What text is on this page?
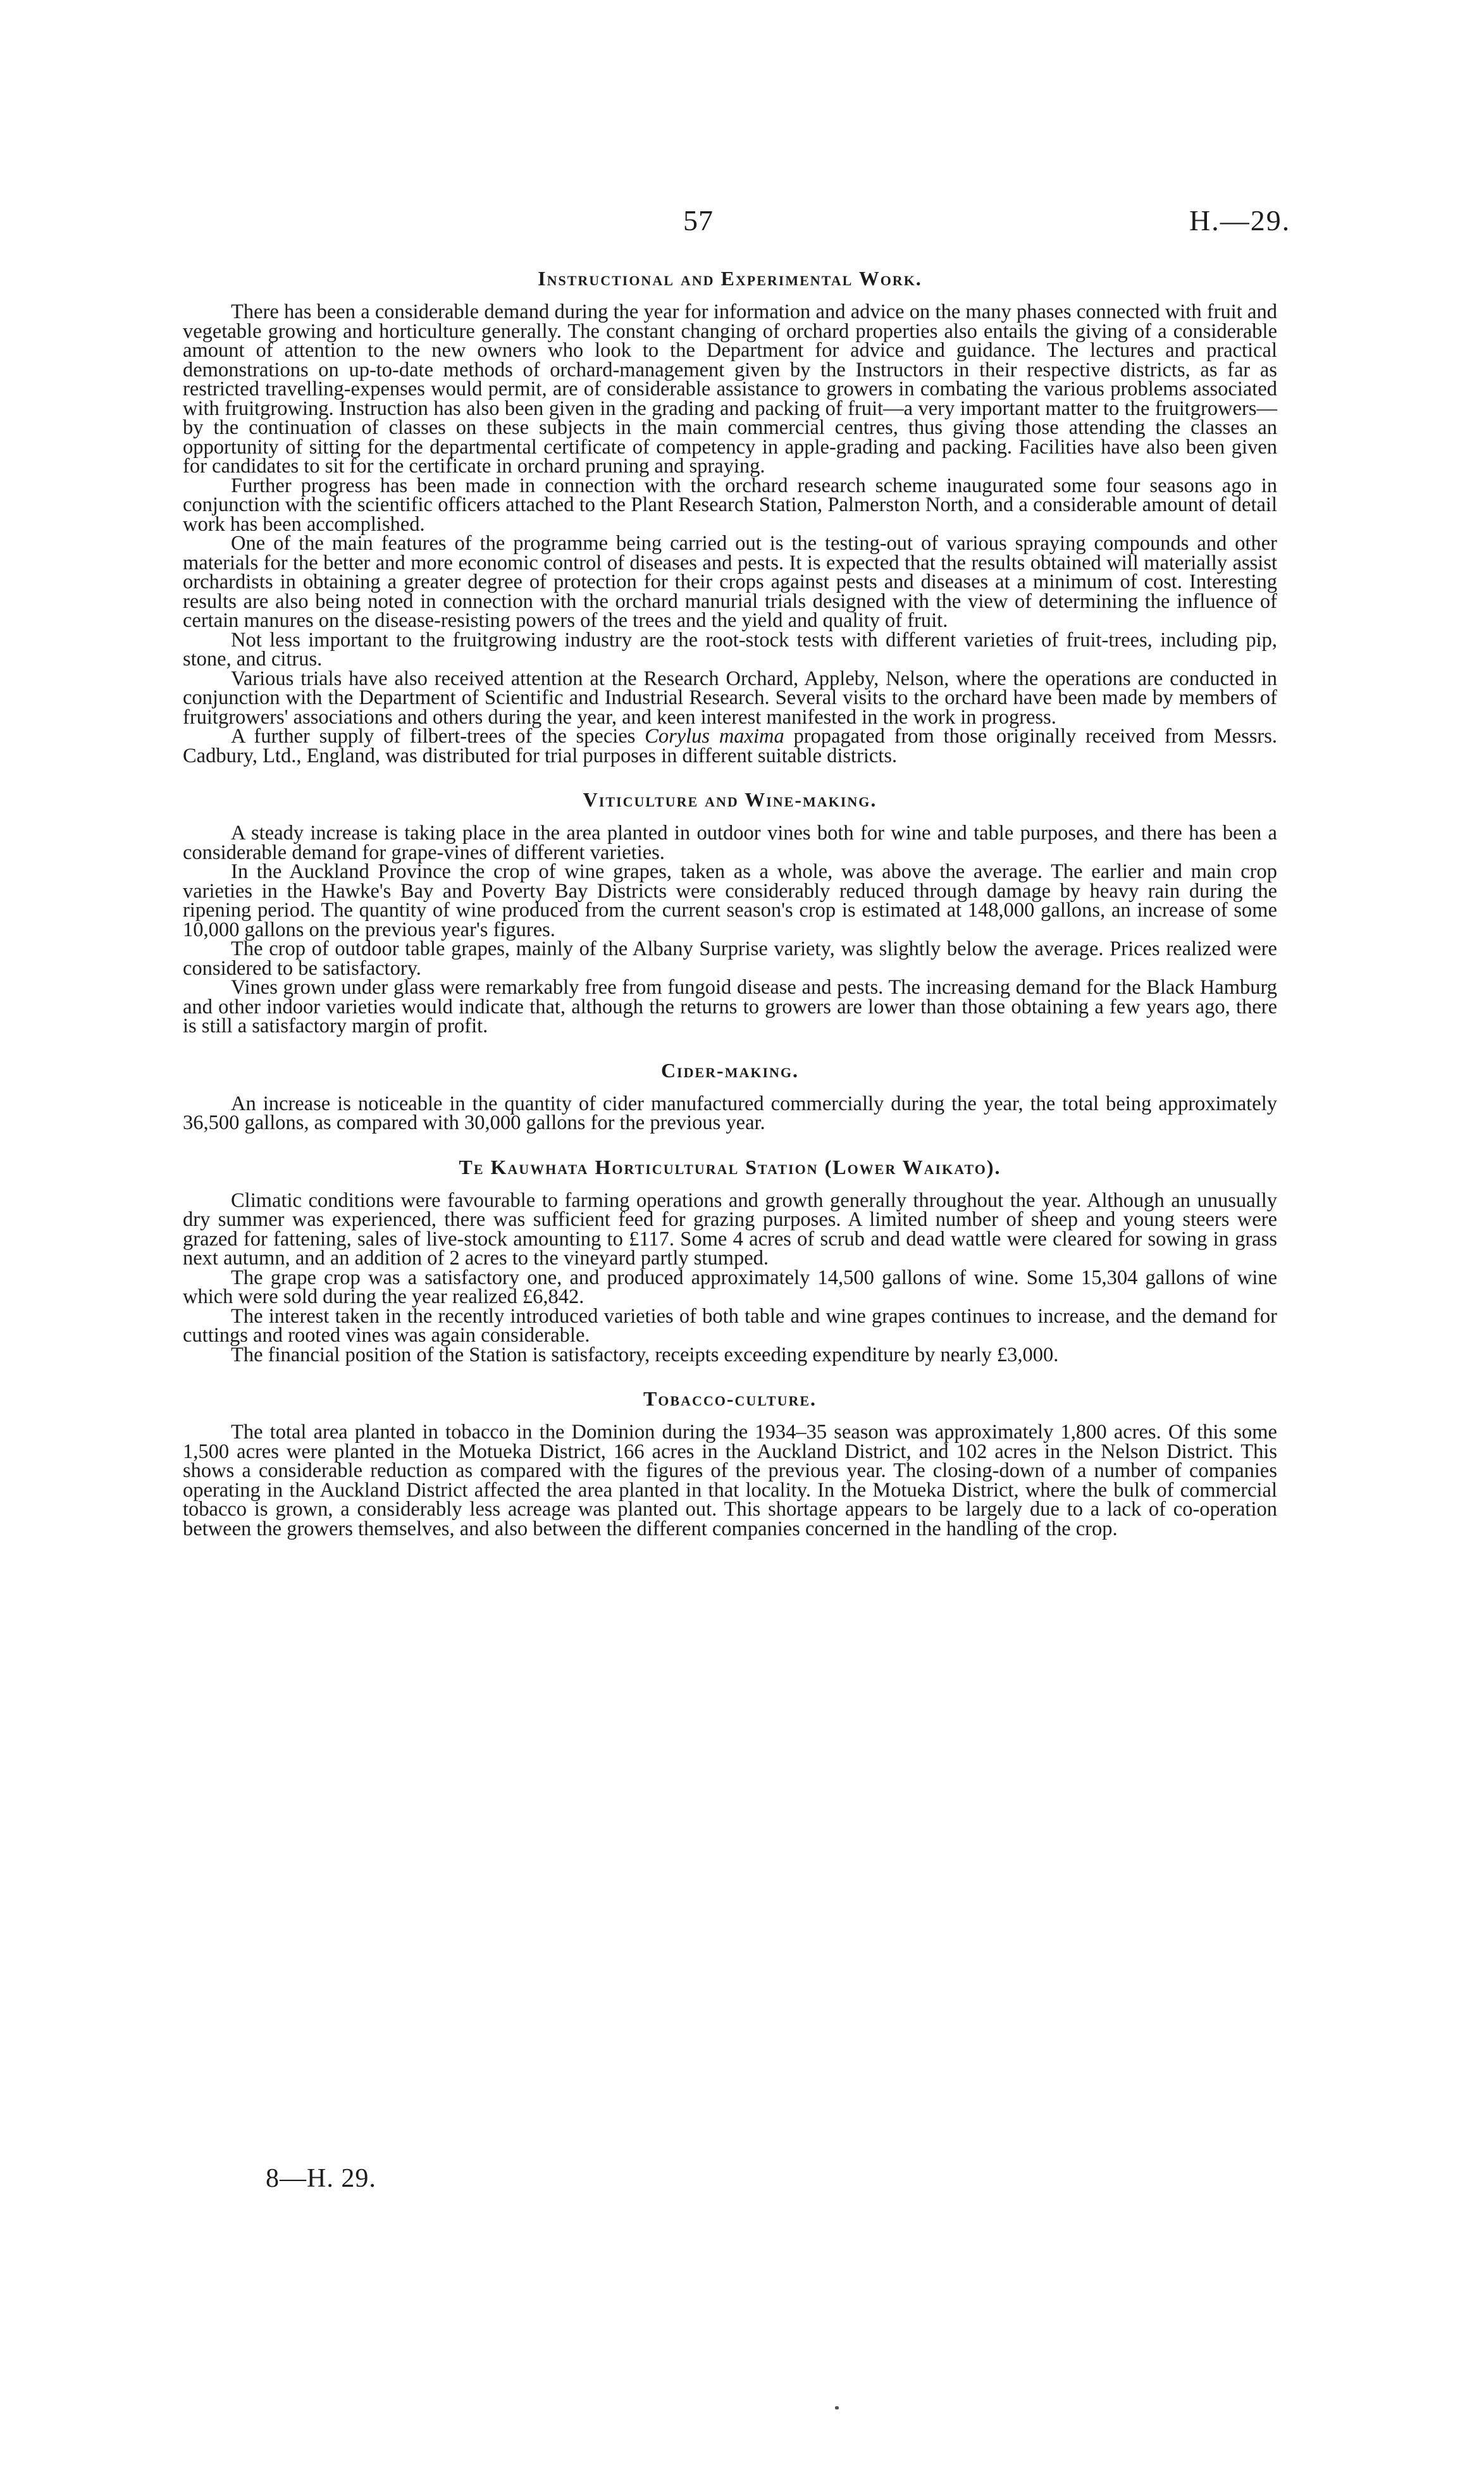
57	H.—29.
Instructional and Experimental Work.

There has been a considerable demand during the year for information and advice on the many phases connected with fruit and vegetable growing and horticulture generally. The constant changing of orchard properties also entails the giving of a considerable amount of attention to the new owners who look to the Department for advice and guidance. The lectures and practical demonstrations on up-to-date methods of orchard-management given by the Instructors in their respective districts, as far as restricted travelling-expenses would permit, are of considerable assistance to growers in combating the various problems associated with fruitgrowing. Instruction has also been given in the grading and packing of fruit—a very important matter to the fruitgrowers—by the continuation of classes on these subjects in the main commercial centres, thus giving those attending the classes an opportunity of sitting for the departmental certificate of competency in apple-grading and packing. Facilities have also been given for candidates to sit for the certificate in orchard pruning and spraying.

Further progress has been made in connection with the orchard research scheme inaugurated some four seasons ago in conjunction with the scientific officers attached to the Plant Research Station, Palmerston North, and a considerable amount of detail work has been accomplished.

One of the main features of the programme being carried out is the testing-out of various spraying compounds and other materials for the better and more economic control of diseases and pests. It is expected that the results obtained will materially assist orchardists in obtaining a greater degree of protection for their crops against pests and diseases at a minimum of cost. Interesting results are also being noted in connection with the orchard manurial trials designed with the view of determining the influence of certain manures on the disease-resisting powers of the trees and the yield and quality of fruit.

Not less important to the fruitgrowing industry are the root-stock tests with different varieties of fruit-trees, including pip, stone, and citrus.

Various trials have also received attention at the Research Orchard, Appleby, Nelson, where the operations are conducted in conjunction with the Department of Scientific and Industrial Research. Several visits to the orchard have been made by members of fruitgrowers' associations and others during the year, and keen interest manifested in the work in progress.

A further supply of filbert-trees of the species Corylus maxima propagated from those originally received from Messrs. Cadbury, Ltd., England, was distributed for trial purposes in different suitable districts.

Viticulture and Wine-making.

A steady increase is taking place in the area planted in outdoor vines both for wine and table purposes, and there has been a considerable demand for grape-vines of different varieties.

In the Auckland Province the crop of wine grapes, taken as a whole, was above the average. The earlier and main crop varieties in the Hawke's Bay and Poverty Bay Districts were considerably reduced through damage by heavy rain during the ripening period. The quantity of wine produced from the current season's crop is estimated at 148,000 gallons, an increase of some 10,000 gallons on the previous year's figures.

The crop of outdoor table grapes, mainly of the Albany Surprise variety, was slightly below the average. Prices realized were considered to be satisfactory.

Vines grown under glass were remarkably free from fungoid disease and pests. The increasing demand for the Black Hamburg and other indoor varieties would indicate that, although the returns to growers are lower than those obtaining a few years ago, there is still a satisfactory margin of profit.

Cider-making.

An increase is noticeable in the quantity of cider manufactured commercially during the year, the total being approximately 36,500 gallons, as compared with 30,000 gallons for the previous year.

Te Kauwhata Horticultural Station (Lower Waikato).

Climatic conditions were favourable to farming operations and growth generally throughout the year. Although an unusually dry summer was experienced, there was sufficient feed for grazing purposes. A limited number of sheep and young steers were grazed for fattening, sales of live-stock amounting to £117. Some 4 acres of scrub and dead wattle were cleared for sowing in grass next autumn, and an addition of 2 acres to the vineyard partly stumped.

The grape crop was a satisfactory one, and produced approximately 14,500 gallons of wine. Some 15,304 gallons of wine which were sold during the year realized £6,842.

The interest taken in the recently introduced varieties of both table and wine grapes continues to increase, and the demand for cuttings and rooted vines was again considerable.

The financial position of the Station is satisfactory, receipts exceeding expenditure by nearly £3,000.

Tobacco-culture.

The total area planted in tobacco in the Dominion during the 1934–35 season was approximately 1,800 acres. Of this some 1,500 acres were planted in the Motueka District, 166 acres in the Auckland District, and 102 acres in the Nelson District. This shows a considerable reduction as compared with the figures of the previous year. The closing-down of a number of companies operating in the Auckland District affected the area planted in that locality. In the Motueka District, where the bulk of commercial tobacco is grown, a considerably less acreage was planted out. This shortage appears to be largely due to a lack of co-operation between the growers themselves, and also between the different companies concerned in the handling of the crop.

8—H. 29.
